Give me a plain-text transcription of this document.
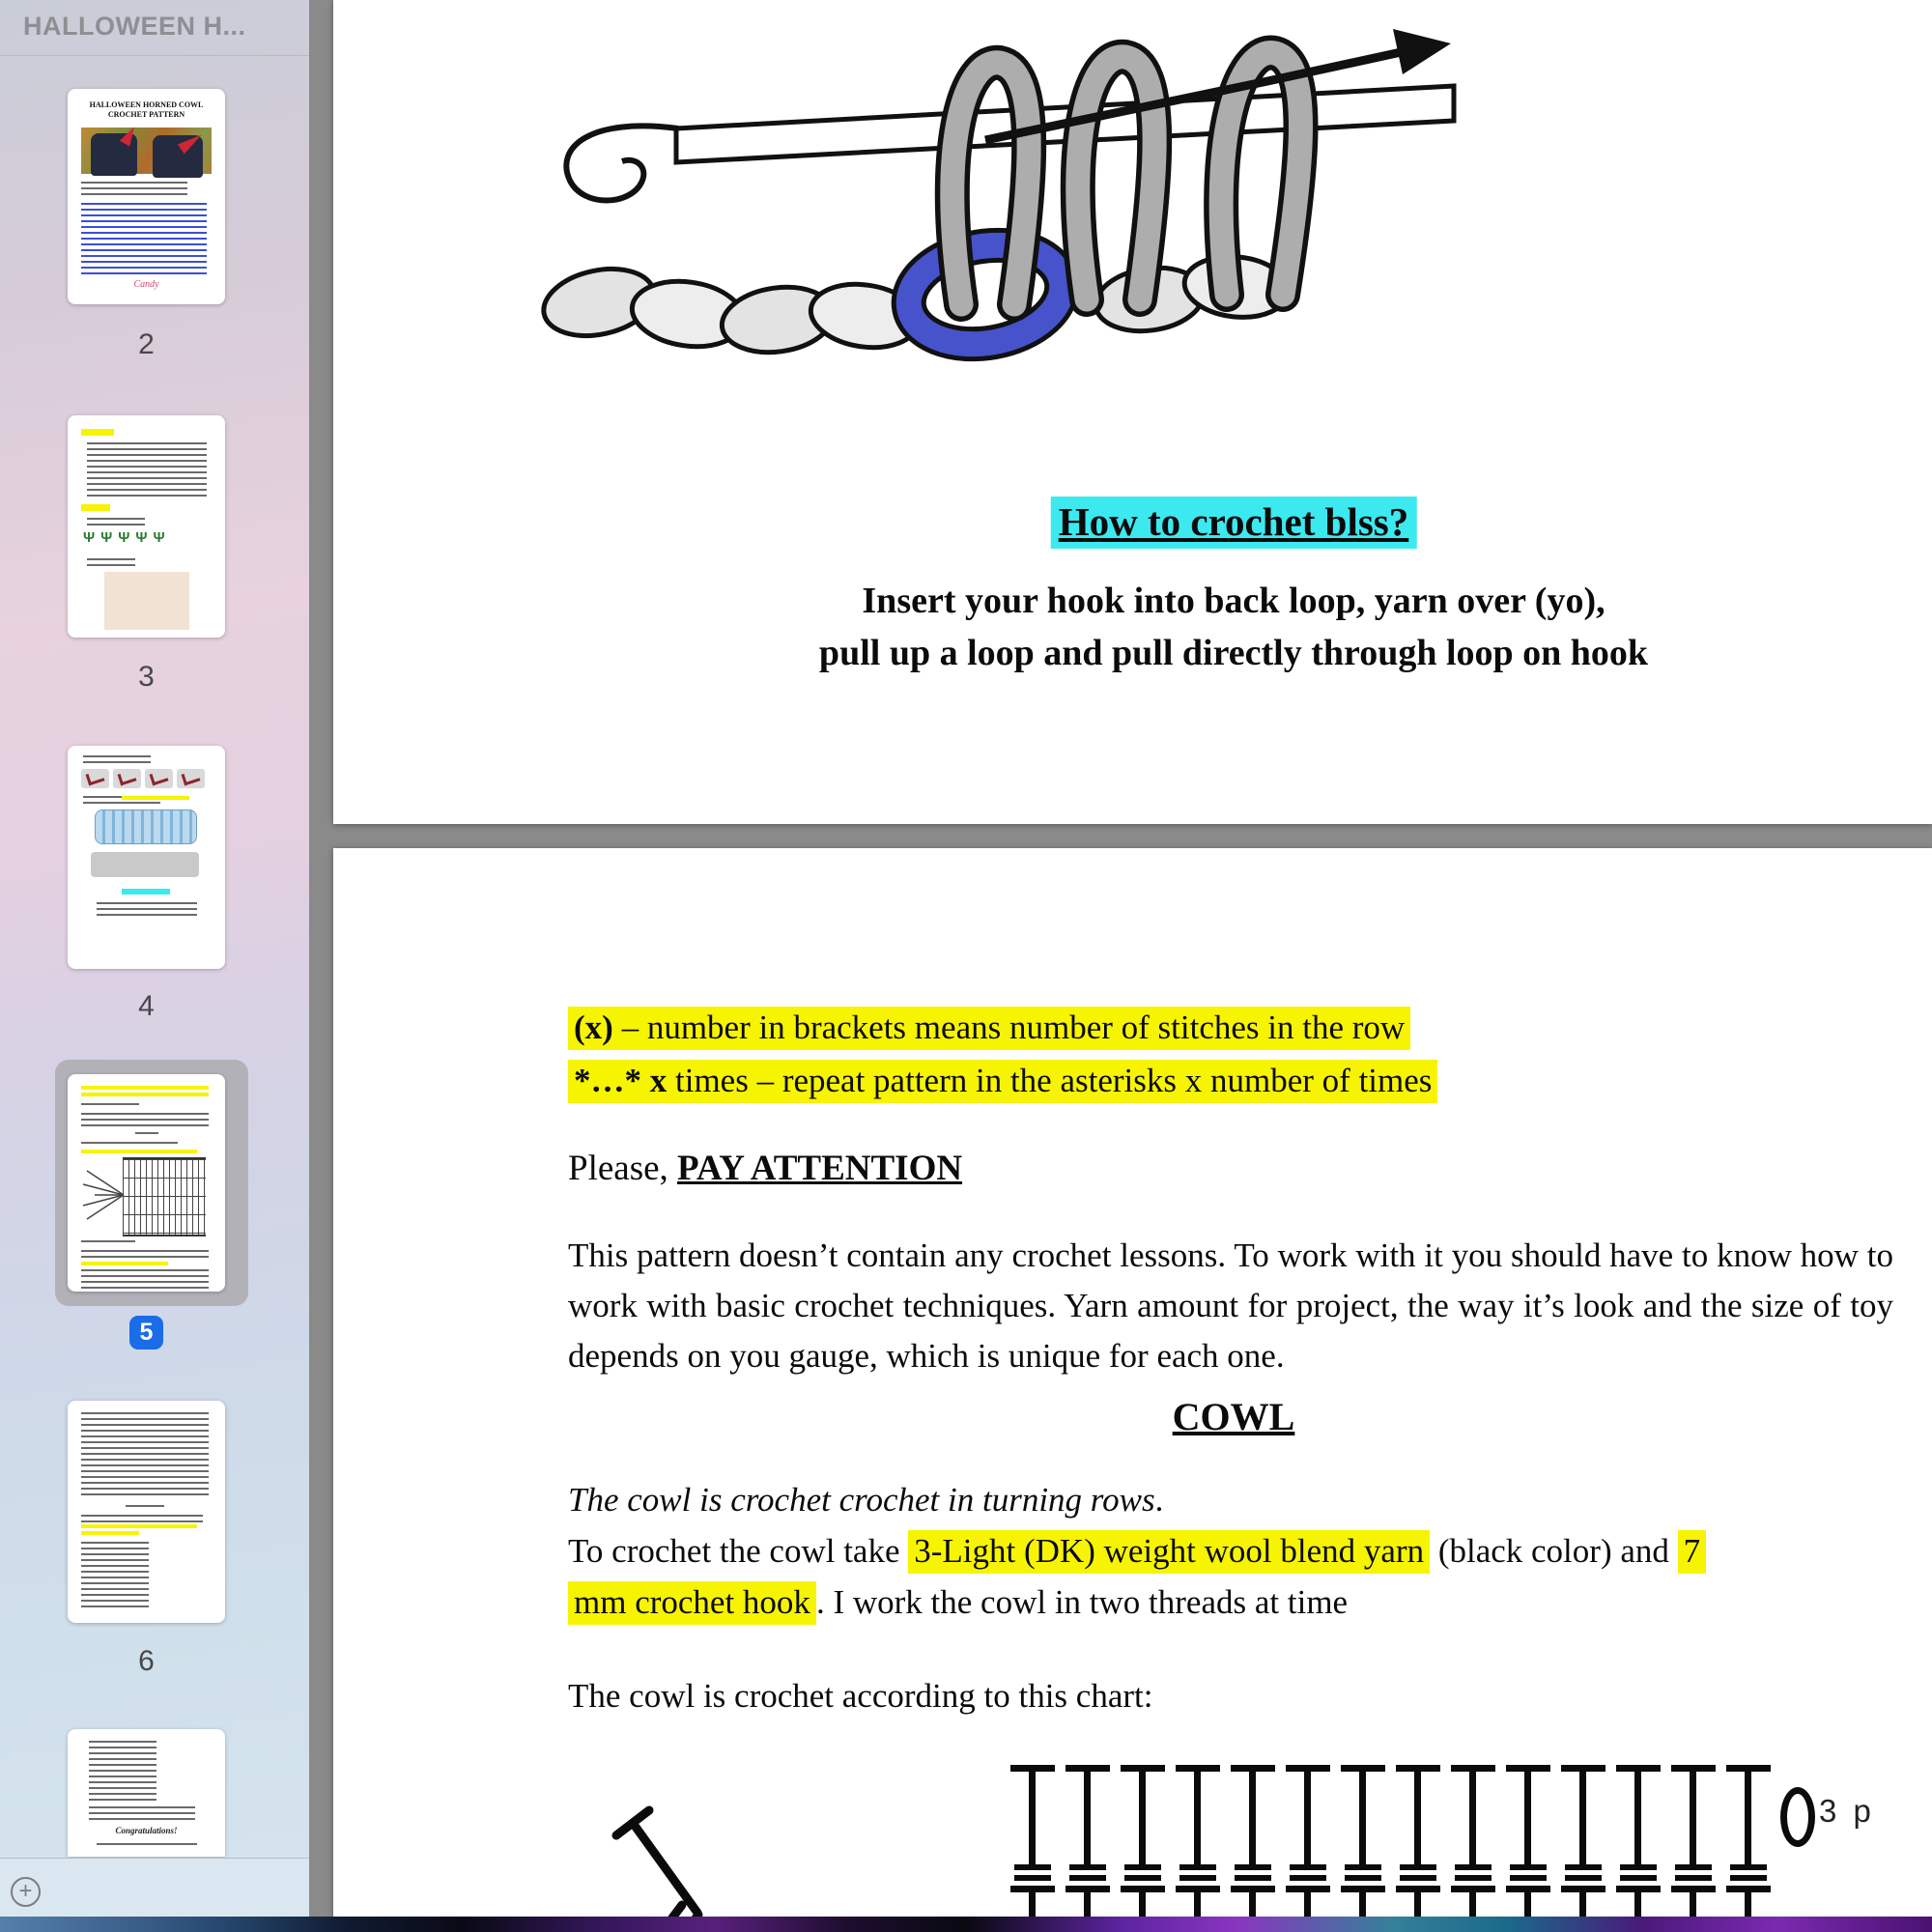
HALLOWEEN H...
HALLOWEEN HORNED COWL
CROCHET PATTERN
Candy
2
ΨΨΨΨΨ
3
4
5
6
Congratulations!
+
How to crochet blss?
Insert your hook into back loop, yarn over (yo),
pull up a loop and pull directly through loop on hook
(x) – number in brackets means number of stitches in the row
*…* x times – repeat pattern in the asterisks x number of times
Please, PAY ATTENTION
This pattern doesn’t contain any crochet lessons. To work with it you should have to know how to work with basic crochet techniques. Yarn amount for project, the way it’s look and the size of toy depends on you gauge, which is unique for each one.
COWL
The cowl is crochet crochet in turning rows.
To crochet the cowl take 3-Light (DK) weight wool blend yarn (black color) and 7
mm crochet hook . I work the cowl in two threads at time
The cowl is crochet according to this chart:
3 p
